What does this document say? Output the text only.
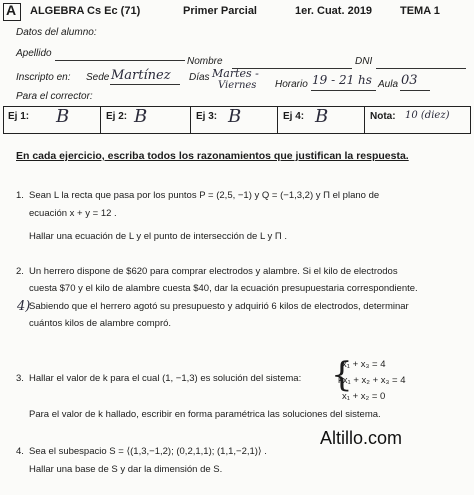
A ALGEBRA Cs Ec (71)	Primer Parcial	1er. Cuat. 2019	TEMA 1
Datos del alumno:
Apellido
Nombre	DNI
Inscripto en: Sede Martínez Días Martes -
Viernes Horario 19 - 21 hs Aula 03
Para el corrector:
Ej 1: B	Ej 2: B	Ej 3: B	Ej 4: B	Nota: 10 (diez)
En cada ejercicio, escriba todos los razonamientos que justifican la respuesta.
1. Sean L la recta que pasa por los puntos P = (2,5, −1) y Q = (−1,3,2) y Π el plano de
ecuación x + y = 12 .
Hallar una ecuación de L y el punto de intersección de L y Π .
2. Un herrero dispone de $620 para comprar electrodos y alambre. Si el kilo de electrodos
cuesta $70 y el kilo de alambre cuesta $40, dar la ecuación presupuestaria correspondiente.
4)
Sabiendo que el herrero agotó su presupuesto y adquirió 6 kilos de electrodos, determinar
cuántos kilos de alambre compró.
3. Hallar el valor de k para el cual (1, −1,3) es solución del sistema: {
x₁ + x₃ = 4
kx₁ + x₂ + x₃ = 4
x₁ + x₂ = 0
Para el valor de k hallado, escribir en forma paramétrica las soluciones del sistema.
4. Sea el subespacio S = ⟨(1,3,−1,2); (0,2,1,1); (1,1,−2,1)⟩ .
Hallar una base de S y dar la dimensión de S.
Altillo.com
